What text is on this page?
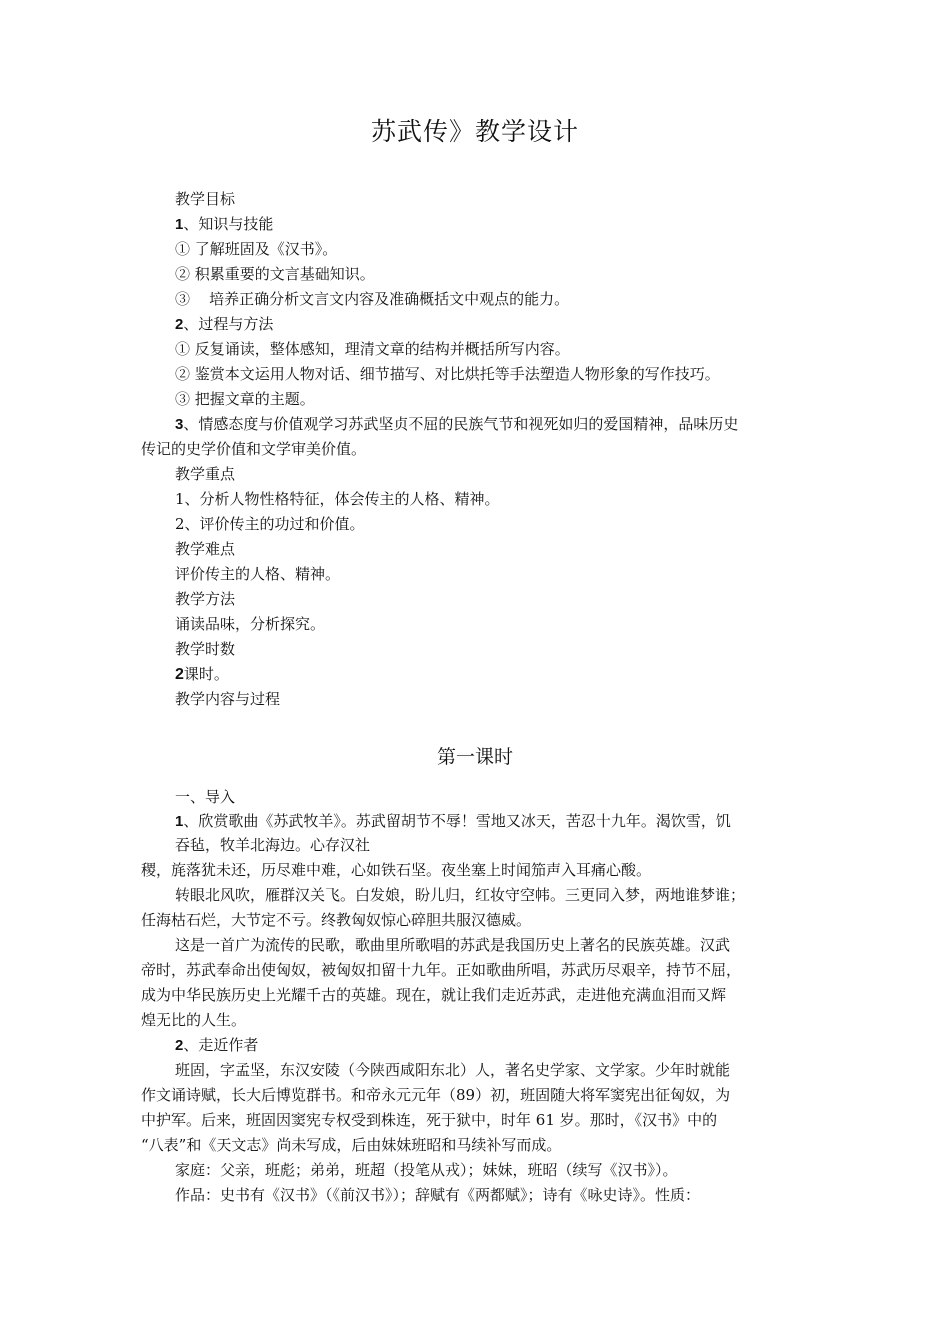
苏武传》教学设计
教学目标
1、知识与技能
① 了解班固及《汉书》。
② 积累重要的文言基础知识。
③    培养正确分析文言文内容及准确概括文中观点的能力。
2、过程与方法
① 反复诵读，整体感知，理清文章的结构并概括所写内容。
② 鉴赏本文运用人物对话、细节描写、对比烘托等手法塑造人物形象的写作技巧。
③ 把握文章的主题。
3、情感态度与价值观学习苏武坚贞不屈的民族气节和视死如归的爱国精神，品味历史
传记的史学价值和文学审美价值。
教学重点
1、分析人物性格特征，体会传主的人格、精神。
2、评价传主的功过和价值。
教学难点
评价传主的人格、精神。
教学方法
诵读品味，分析探究。
教学时数
2课时。
教学内容与过程
第一课时
一、导入
1、欣赏歌曲《苏武牧羊》。苏武留胡节不辱！雪地又冰天，苦忍十九年。渴饮雪，饥
吞毡，牧羊北海边。心存汉社
稷，旄落犹未还，历尽难中难，心如铁石坚。夜坐塞上时闻笳声入耳痛心酸。
转眼北风吹，雁群汉关飞。白发娘，盼儿归，红妆守空帏。三更同入梦，两地谁梦谁；
任海枯石烂，大节定不亏。终教匈奴惊心碎胆共服汉德威。
这是一首广为流传的民歌，歌曲里所歌唱的苏武是我国历史上著名的民族英雄。汉武
帝时，苏武奉命出使匈奴，被匈奴扣留十九年。正如歌曲所唱，苏武历尽艰辛，持节不屈，
成为中华民族历史上光耀千古的英雄。现在，就让我们走近苏武，走进他充满血泪而又辉
煌无比的人生。
2、走近作者
班固，字孟坚，东汉安陵（今陕西咸阳东北）人，著名史学家、文学家。少年时就能
作文诵诗赋，长大后博览群书。和帝永元元年（89）初，班固随大将军窦宪出征匈奴，为
中护军。后来，班固因窦宪专权受到株连，死于狱中，时年 61 岁。那时，《汉书》中的
“八表”和《天文志》尚未写成，后由妹妹班昭和马续补写而成。
家庭：父亲，班彪；弟弟，班超（投笔从戎）；妹妹，班昭（续写《汉书》）。
作品：史书有《汉书》（《前汉书》）；辞赋有《两都赋》；诗有《咏史诗》。性质：
